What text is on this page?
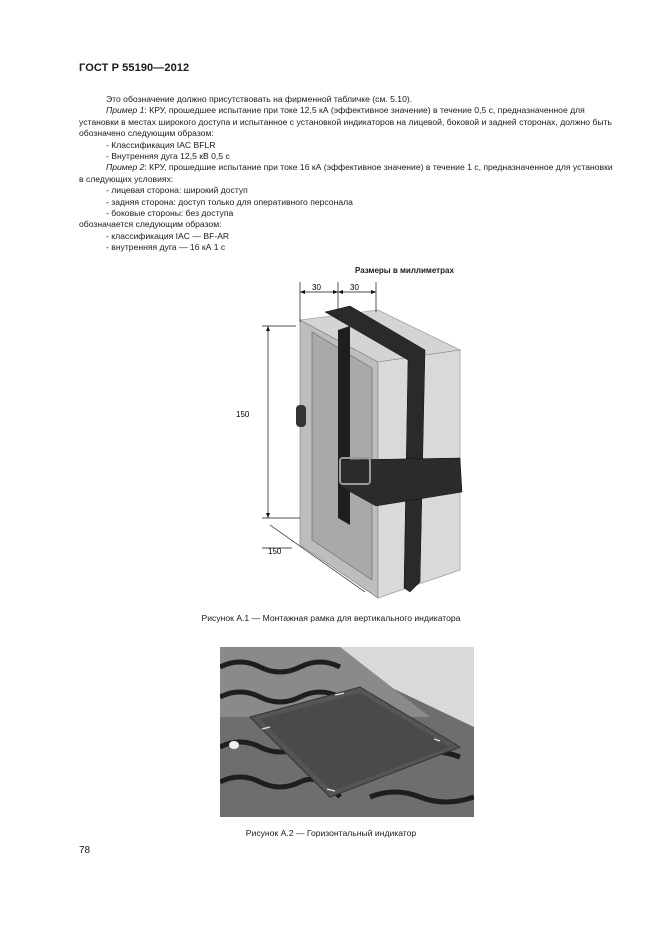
ГОСТ Р 55190—2012

Это обозначение должно присутствовать на фирменной табличке (см. 5.10).

Пример 1: КРУ, прошедшее испытание при токе 12,5 кА (эффективное значение) в течение 0,5 с, предназначенное для установки в местах широкого доступа и испытанное с установкой индикаторов на лицевой, боковой и задней сторонах, должно быть обозначено следующим образом:

- Классификация IAC BFLR

- Внутренняя дуга 12,5 кВ 0,5 с

Пример 2: КРУ, прошедшие испытание при токе 16 кА (эффективное значение) в течение 1 с, предназначенное для установки в следующих условиях:

- лицевая сторона: широкий доступ

- задняя сторона: доступ только для оперативного персонала

- боковые стороны: без доступа

обозначается следующим образом:

- классификация IAC — BF-AR

- внутренняя дуга — 16 кА 1 с

Размеры в миллиметрах
30	30
150
150
Рисунок А.1 — Монтажная рамка для вертикального индикатора
Рисунок А.2 — Горизонтальный индикатор
78
